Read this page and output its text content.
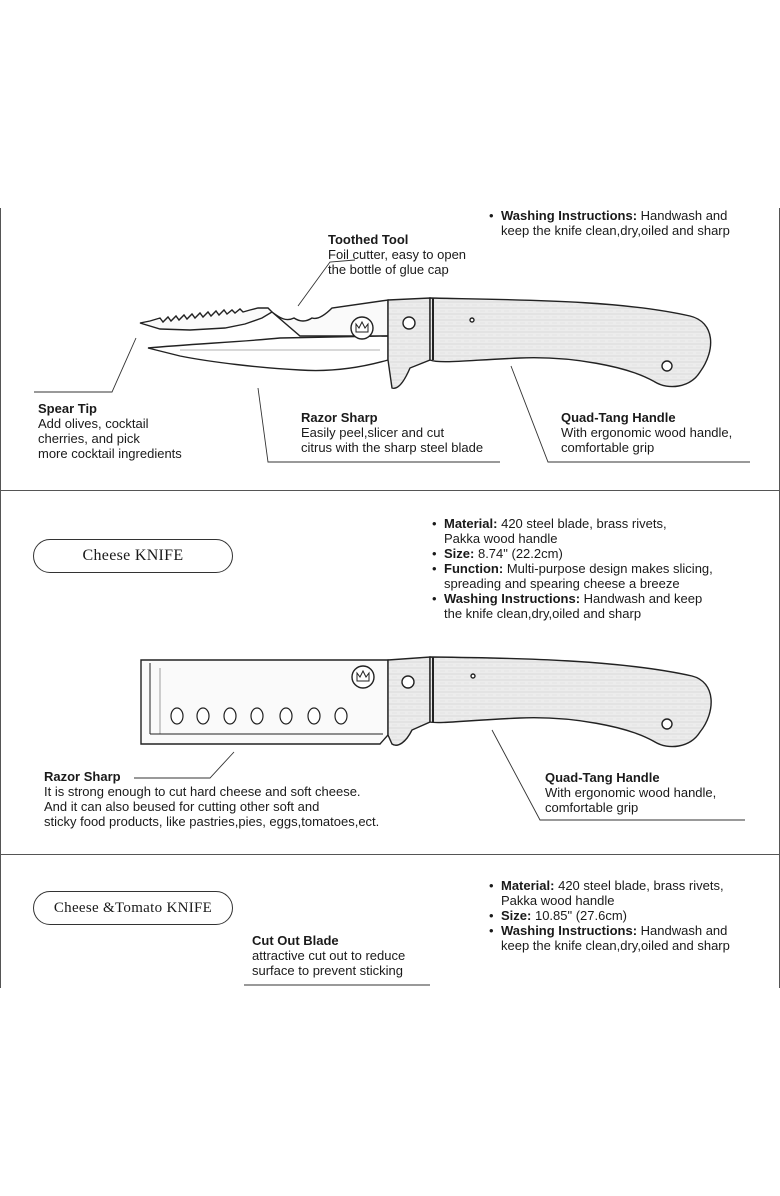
• Washing Instructions: Handwash and
keep the knife clean,dry,oiled and sharp
Toothed Tool
Foil cutter, easy to open
the bottle of glue cap
Spear Tip
Add olives, cocktail
cherries, and pick
more cocktail ingredients
Razor Sharp
Easily peel,slicer and cut
citrus with the sharp steel blade
Quad-Tang Handle
With ergonomic wood handle,
comfortable grip
Cheese KNIFE
• Material: 420 steel blade, brass rivets,
Pakka wood handle
• Size: 8.74" (22.2cm)
• Function: Multi-purpose design makes slicing,
spreading and spearing cheese a breeze
• Washing Instructions: Handwash and keep
the knife clean,dry,oiled and sharp
Razor Sharp
It is strong enough to cut hard cheese and soft cheese.
And it can also beused for cutting other soft and
sticky food products, like pastries,pies, eggs,tomatoes,ect.
Quad-Tang Handle
With ergonomic wood handle,
comfortable grip
Cheese &Tomato KNIFE
• Material: 420 steel blade, brass rivets,
Pakka wood handle
• Size: 10.85" (27.6cm)
• Washing Instructions: Handwash and
keep the knife clean,dry,oiled and sharp
Cut Out Blade
attractive cut out to reduce
surface to prevent sticking
